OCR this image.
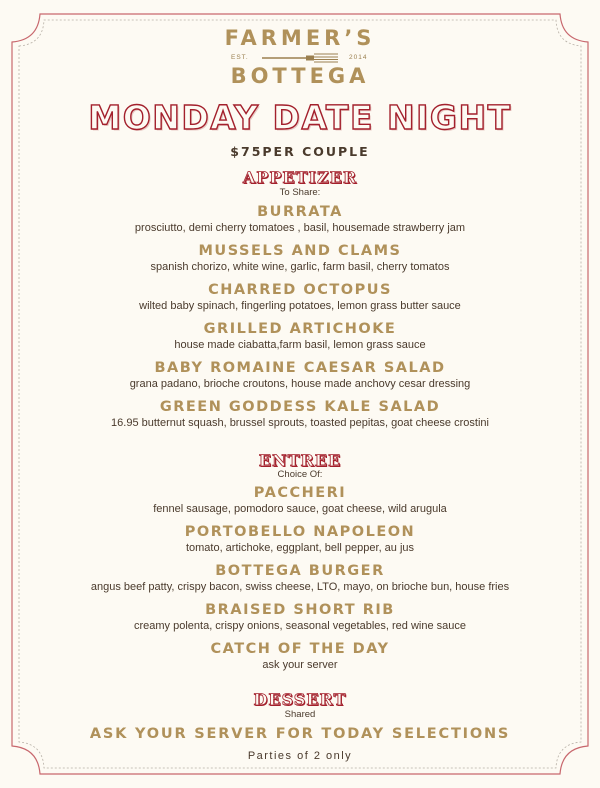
FARMER’S
EST.	2014
BOTTEGA
MONDAY DATE NIGHT
$75PER COUPLE
APPETIZER
To Share:
BURRATA
prosciutto, demi cherry tomatoes , basil, housemade strawberry jam
MUSSELS AND CLAMS
spanish chorizo, white wine, garlic, farm basil, cherry tomatos
CHARRED OCTOPUS
wilted baby spinach, fingerling potatoes, lemon grass butter sauce
GRILLED ARTICHOKE
house made ciabatta,farm basil, lemon grass sauce
BABY ROMAINE CAESAR SALAD
grana padano, brioche croutons, house made anchovy cesar dressing
GREEN GODDESS KALE SALAD
16.95 butternut squash, brussel sprouts, toasted pepitas, goat cheese crostini
ENTREE
Choice Of:
PACCHERI
fennel sausage, pomodoro sauce, goat cheese, wild arugula
PORTOBELLO NAPOLEON
tomato, artichoke, eggplant, bell pepper, au jus
BOTTEGA BURGER
angus beef patty, crispy bacon, swiss cheese, LTO, mayo, on brioche bun, house fries
BRAISED SHORT RIB
creamy polenta, crispy onions, seasonal vegetables, red wine sauce
CATCH OF THE DAY
ask your server
DESSERT
Shared
ASK YOUR SERVER FOR TODAY SELECTIONS
Parties of 2 only
